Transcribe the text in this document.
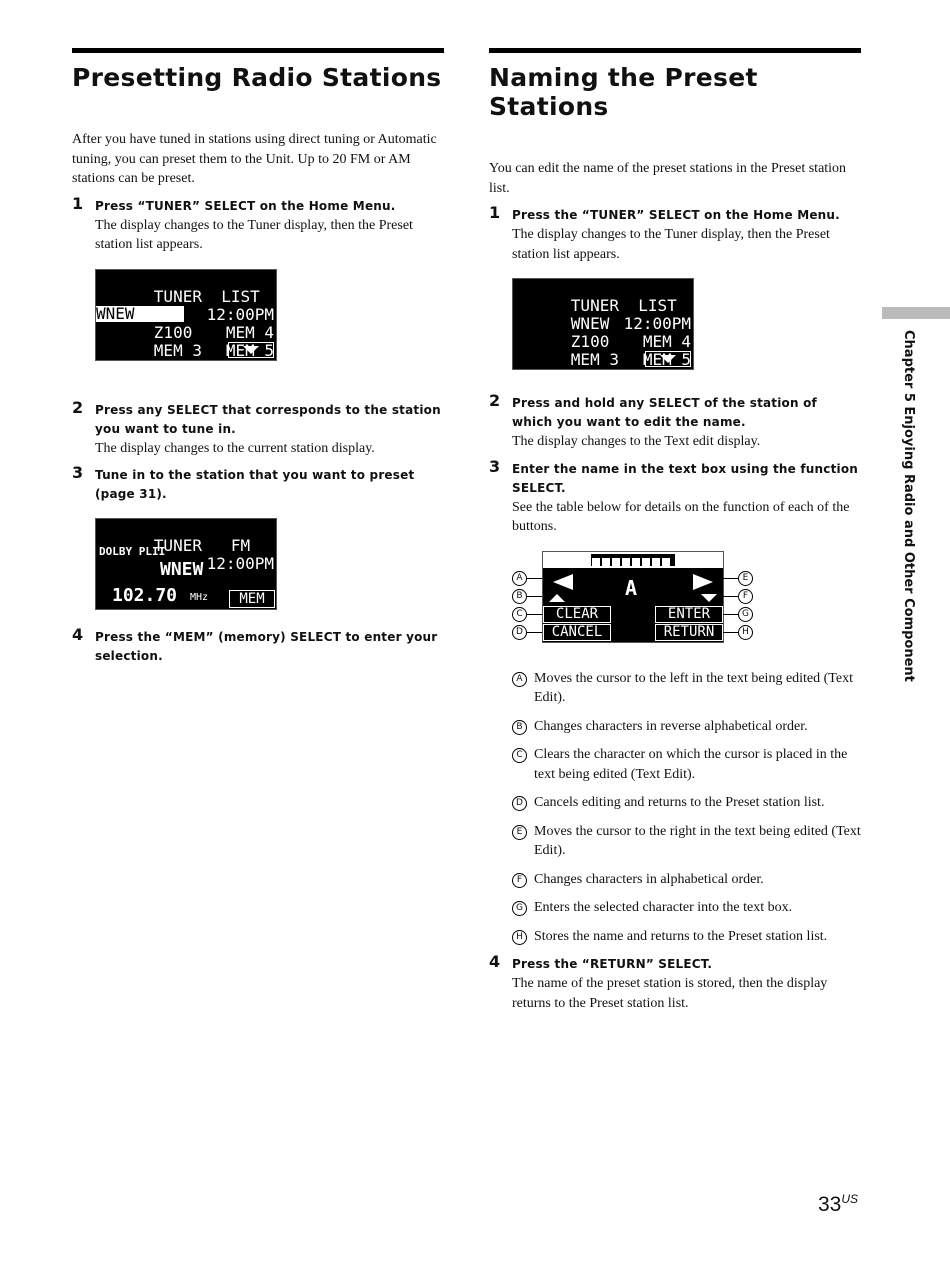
Presetting Radio Stations

After you have tuned in stations using direct tuning or Automatic tuning, you can preset them to the Unit. Up to 20 FM or AM stations can be preset.

1 Press “TUNER” SELECT on the Home Menu.
The display changes to the Tuner display, then the Preset station list appears.

TUNER  LIST

12:00PM

WNEW

MEM 4

Z100

MEM 5

MEM 3

MEM 6

2 Press any SELECT that corresponds to the station you want to tune in.
The display changes to the current station display.
3 Tune in to the station that you want to preset (page 31).

TUNER   FM

12:00PM

DOLBY PLII
WNEW
102.70 MHz	MEM
4 Press the “MEM” (memory) SELECT to enter your selection.
Naming the Preset Stations

You can edit the name of the preset stations in the Preset station list.

1 Press the “TUNER” SELECT on the Home Menu.
The display changes to the Tuner display, then the Preset station list appears.

TUNER  LIST

12:00PM

WNEW

MEM 4

Z100

MEM 5

MEM 3

MEM 6

2 Press and hold any SELECT of the station of which you want to edit the name.
The display changes to the Text edit display.
3 Enter the name in the text box using the function SELECT.
See the table below for details on the function of each of the buttons.
A
CLEAR
CANCEL
ENTER
RETURN
A
B
C
D
E
F
G
H
A Moves the cursor to the left in the text being edited (Text Edit).
B Changes characters in reverse alphabetical order.
C Clears the character on which the cursor is placed in the text being edited (Text Edit).
D Cancels editing and returns to the Preset station list.
E Moves the cursor to the right in the text being edited (Text Edit).
F Changes characters in alphabetical order.
G Enters the selected character into the text box.
H Stores the name and returns to the Preset station list.
4 Press the “RETURN” SELECT.
The name of the preset station is stored, then the display returns to the Preset station list.
Chapter 5 Enjoying Radio and Other Component
$33^{US}$
